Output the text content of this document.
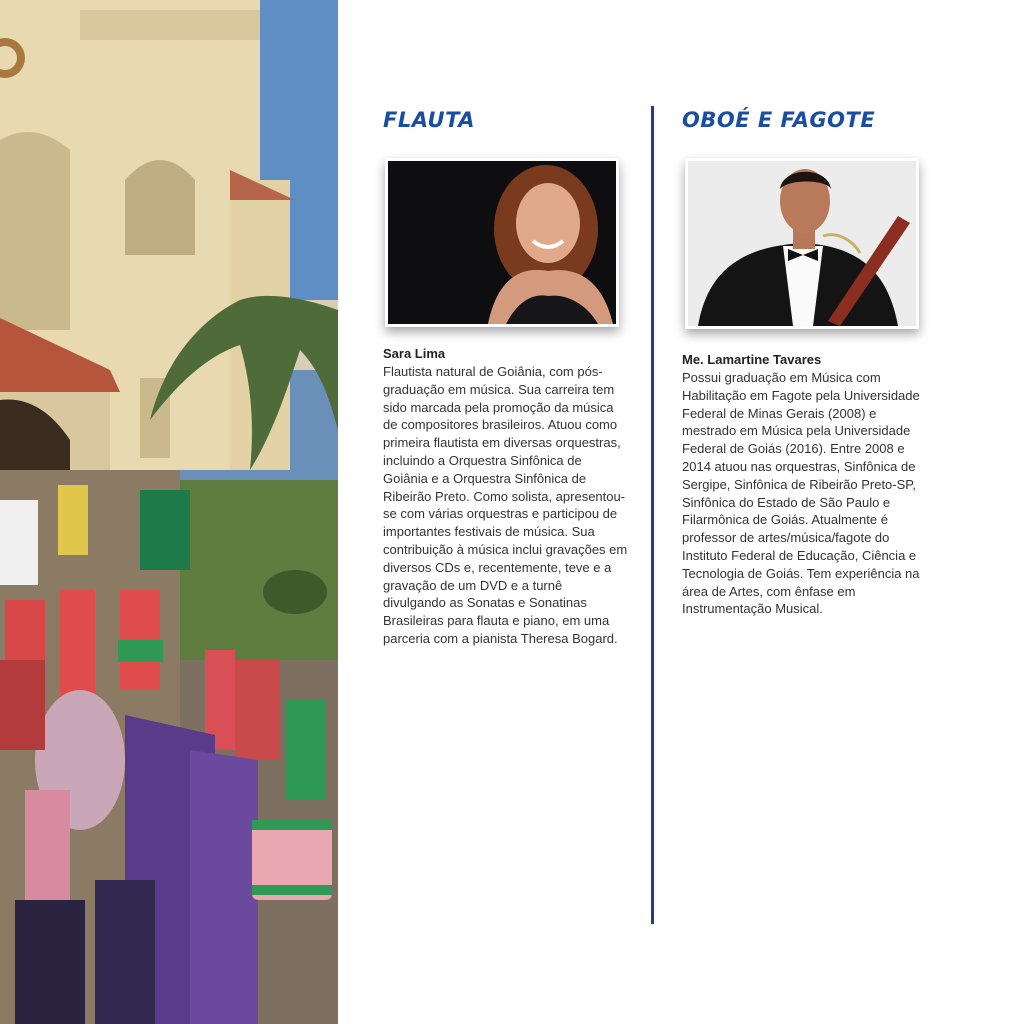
FLAUTA

Sara Lima

Flautista natural de Goiânia, com pós-graduação em música. Sua carreira tem sido marcada pela promoção da música de compositores brasileiros. Atuou como primeira flautista em diversas orquestras, incluindo a Orquestra Sinfônica de Goiânia e a Orquestra Sinfônica de Ribeirão Preto. Como solista, apresentou-se com várias orquestras e participou de importantes festivais de música. Sua contribuição à música inclui gravações em diversos CDs e, recentemente, teve e a gravação de um DVD e a turnê divulgando as Sonatas e Sonatinas Brasileiras para flauta e piano, em uma parceria com a pianista Theresa Bogard.

OBOÉ E FAGOTE

Me. Lamartine Tavares

Possui graduação em Música com Habilitação em Fagote pela Universidade Federal de Minas Gerais (2008) e mestrado em Música pela Universidade Federal de Goiás (2016). Entre 2008 e 2014 atuou nas orquestras, Sinfônica de Sergipe, Sinfônica de Ribeirão Preto-SP, Sinfônica do Estado de São Paulo e Filarmônica de Goiás. Atualmente é professor de artes/música/fagote do Instituto Federal de Educação, Ciência e Tecnologia de Goiás. Tem experiência na área de Artes, com ênfase em Instrumentação Musical.
